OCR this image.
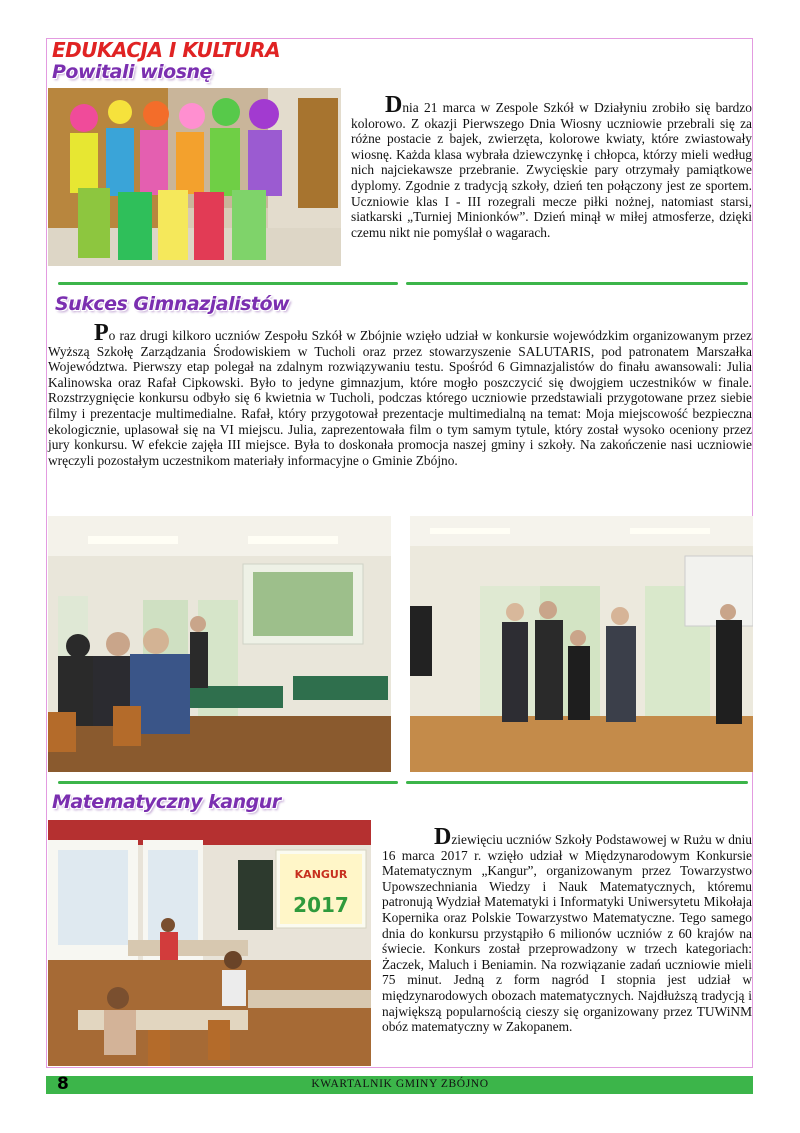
EDUKACJA I KULTURA
Powitali wiosnę

Dnia 21 marca w Zespole Szkół w Działyniu zrobiło się bardzo kolorowo. Z okazji Pierwszego Dnia Wiosny uczniowie przebrali się za różne postacie z bajek, zwierzęta, kolorowe kwiaty, które zwiastowały wiosnę. Każda klasa wybrała dziewczynkę i chłopca, którzy mieli według nich najciekawsze przebranie. Zwycięskie pary otrzymały pamiątkowe dyplomy. Zgodnie z tradycją szkoły, dzień ten połączony jest ze sportem. Uczniowie klas I - III rozegrali mecze piłki nożnej, natomiast starsi, siatkarski „Turniej Minionków”. Dzień minął w miłej atmosferze, dzięki czemu nikt nie pomyślał o wagarach.

Sukces Gimnazjalistów

Po raz drugi kilkoro uczniów Zespołu Szkół w Zbójnie wzięło udział w konkursie wojewódzkim organizowanym przez Wyższą Szkołę Zarządzania Środowiskiem w Tucholi oraz przez stowarzyszenie SALUTARIS, pod patronatem Marszałka Województwa. Pierwszy etap polegał na zdalnym rozwiązywaniu testu. Spośród 6 Gimnazjalistów do finału awansowali: Julia Kalinowska oraz Rafał Cipkowski. Było to jedyne gimnazjum, które mogło poszczycić się dwojgiem uczestników w finale. Rozstrzygnięcie konkursu odbyło się 6 kwietnia w Tucholi, podczas którego uczniowie przedstawiali przygotowane przez siebie filmy i prezentacje multimedialne. Rafał, który przygotował prezentacje multimedialną na temat: Moja miejscowość bezpieczna ekologicznie, uplasował się na VI miejscu. Julia, zaprezentowała film o tym samym tytule, który został wysoko oceniony przez jury konkursu. W efekcie zajęła III miejsce. Była to doskonała promocja naszej gminy i szkoły. Na zakończenie nasi uczniowie wręczyli pozostałym uczestnikom materiały informacyjne o Gminie Zbójno.

Matematyczny kangur
KANGUR
2017

Dziewięciu uczniów Szkoły Podstawowej w Rużu w dniu 16 marca 2017 r. wzięło udział w Międzynarodowym Konkursie Matematycznym „Kangur”, organizowanym przez Towarzystwo Upowszechniania Wiedzy i Nauk Matematycznych, któremu patronują Wydział Matematyki i Informatyki Uniwersytetu Mikołaja Kopernika oraz Polskie Towarzystwo Matematyczne. Tego samego dnia do konkursu przystąpiło 6 milionów uczniów z 60 krajów na świecie. Konkurs został przeprowadzony w trzech kategoriach: Żaczek, Maluch i Beniamin. Na rozwiązanie zadań uczniowie mieli 75 minut. Jedną z form nagród I stopnia jest udział w międzynarodowych obozach matematycznych. Najdłuższą tradycją i największą popularnością cieszy się organizowany przez TUWiNM obóz matematyczny w Zakopanem.

8	KWARTALNIK GMINY ZBÓJNO
